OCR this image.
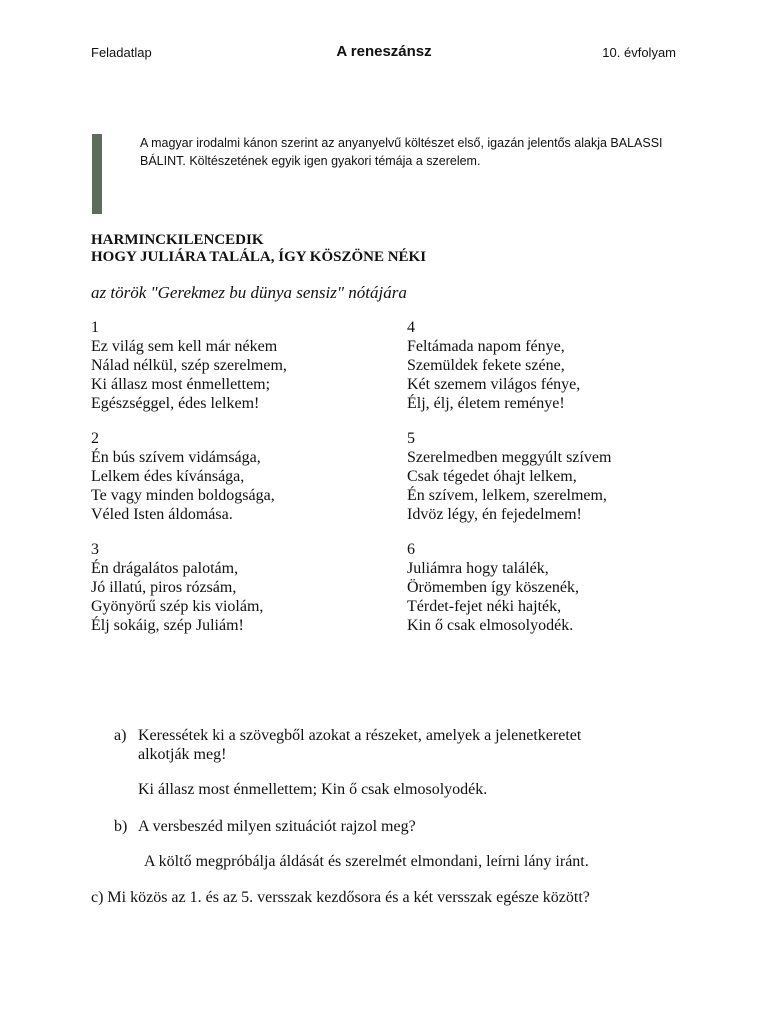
Feladatlap	A reneszánsz	10. évfolyam
A magyar irodalmi kánon szerint az anyanyelvű költészet első, igazán jelentős alakja BALASSI
BÁLINT. Költészetének egyik igen gyakori témája a szerelem.
HARMINCKILENCEDIK
HOGY JULIÁRA TALÁLA, ÍGY KÖSZÖNE NÉKI
az török "Gerekmez bu dünya sensiz" nótájára
1
Ez világ sem kell már nékem
Nálad nélkül, szép szerelmem,
Ki állasz most énmellettem;
Egészséggel, édes lelkem!
2
Én bús szívem vidámsága,
Lelkem édes kívánsága,
Te vagy minden boldogsága,
Véled Isten áldomása.
3
Én drágalátos palotám,
Jó illatú, piros rózsám,
Gyönyörű szép kis violám,
Élj sokáig, szép Juliám!
4
Feltámada napom fénye,
Szemüldek fekete széne,
Két szemem világos fénye,
Élj, élj, életem reménye!
5
Szerelmedben meggyúlt szívem
Csak tégedet óhajt lelkem,
Én szívem, lelkem, szerelmem,
Idvöz légy, én fejedelmem!
6
Juliámra hogy találék,
Örömemben így köszenék,
Térdet-fejet néki hajték,
Kin ő csak elmosolyodék.
a) Keressétek ki a szövegből azokat a részeket, amelyek a jelenetkeretet
alkotják meg!
Ki állasz most énmellettem; Kin ő csak elmosolyodék.
b) A versbeszéd milyen szituációt rajzol meg?
A költő megpróbálja áldását és szerelmét elmondani, leírni lány iránt.
c) Mi közös az 1. és az 5. versszak kezdősora és a két versszak egésze között?
